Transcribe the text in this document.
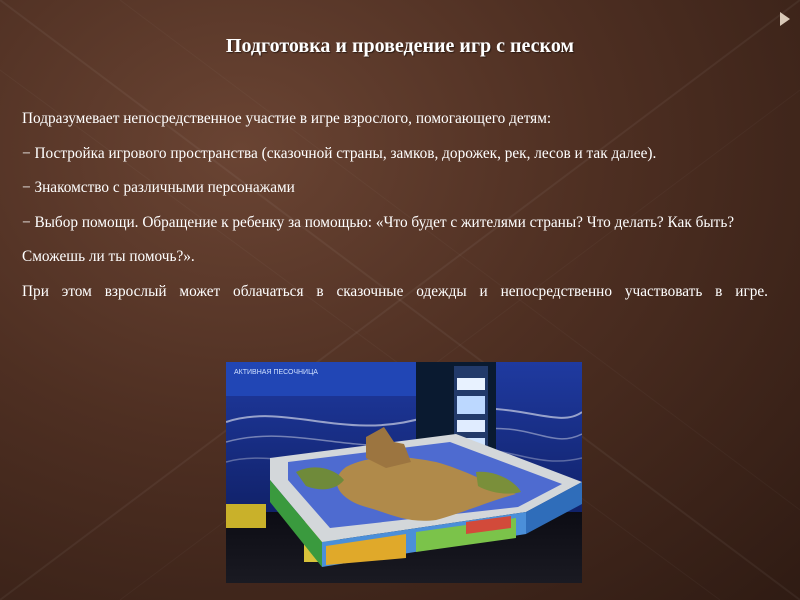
Подготовка и проведение игр с песком

Подразумевает непосредственное участие в игре взрослого, помогающего детям:

− Постройка игрового пространства (сказочной страны, замков, дорожек, рек, лесов и так далее).

− Знакомство с различными персонажами

− Выбор помощи. Обращение к ребенку за помощью: «Что будет с жителями страны? Что делать? Как быть? Сможешь ли ты помочь?».

При этом взрослый может облачаться в сказочные одежды и непосредственно участвовать в игре.

АКТИВНАЯ ПЕСОЧНИЦА
